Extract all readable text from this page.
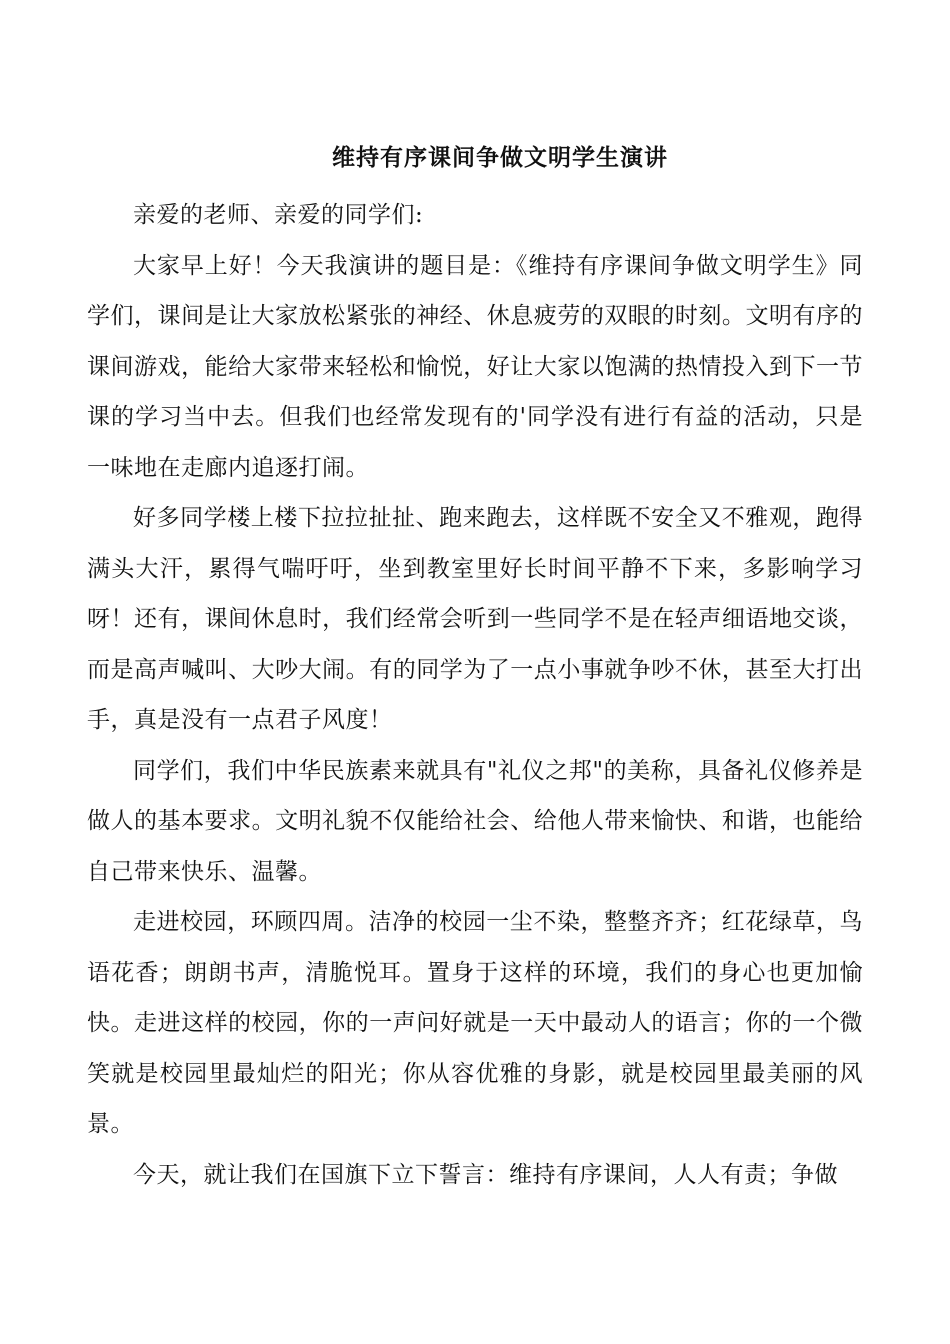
维持有序课间争做文明学生演讲

亲爱的老师、亲爱的同学们:

大家早上好！今天我演讲的题目是：《维持有序课间争做文明学生》同学们，课间是让大家放松紧张的神经、休息疲劳的双眼的时刻。文明有序的课间游戏，能给大家带来轻松和愉悦，好让大家以饱满的热情投入到下一节课的学习当中去。但我们也经常发现有的'同学没有进行有益的活动，只是一味地在走廊内追逐打闹。

好多同学楼上楼下拉拉扯扯、跑来跑去，这样既不安全又不雅观，跑得满头大汗，累得气喘吁吁，坐到教室里好长时间平静不下来，多影响学习呀！还有，课间休息时，我们经常会听到一些同学不是在轻声细语地交谈，而是高声喊叫、大吵大闹。有的同学为了一点小事就争吵不休，甚至大打出手，真是没有一点君子风度！

同学们，我们中华民族素来就具有"礼仪之邦"的美称，具备礼仪修养是做人的基本要求。文明礼貌不仅能给社会、给他人带来愉快、和谐，也能给自己带来快乐、温馨。

走进校园，环顾四周。洁净的校园一尘不染，整整齐齐；红花绿草，鸟语花香；朗朗书声，清脆悦耳。置身于这样的环境，我们的身心也更加愉快。走进这样的校园，你的一声问好就是一天中最动人的语言；你的一个微笑就是校园里最灿烂的阳光；你从容优雅的身影，就是校园里最美丽的风景。

今天，就让我们在国旗下立下誓言：维持有序课间，人人有责；争做
